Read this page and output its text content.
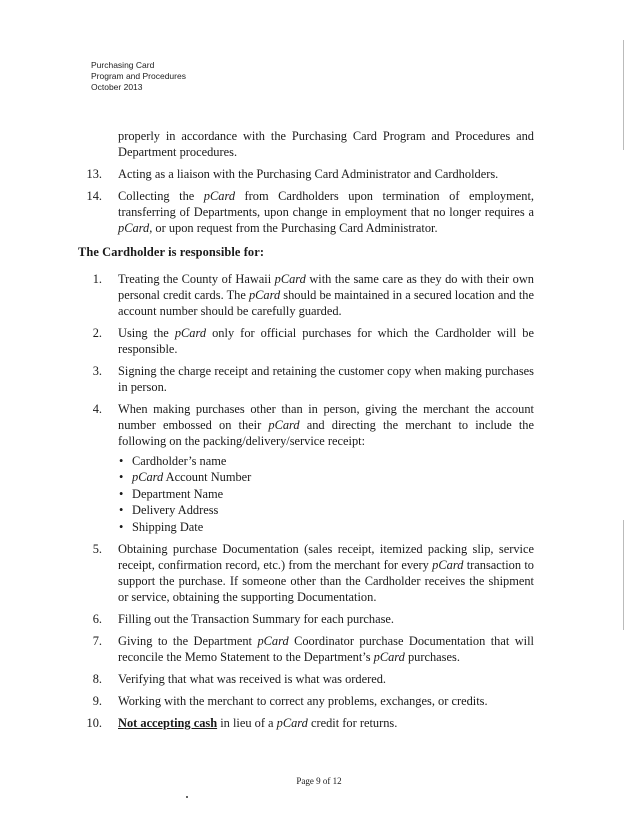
Purchasing Card
Program and Procedures
October 2013
properly in accordance with the Purchasing Card Program and Procedures and Department procedures.
13. Acting as a liaison with the Purchasing Card Administrator and Cardholders.
14. Collecting the pCard from Cardholders upon termination of employment, transferring of Departments, upon change in employment that no longer requires a pCard, or upon request from the Purchasing Card Administrator.
The Cardholder is responsible for:
1. Treating the County of Hawaii pCard with the same care as they do with their own personal credit cards. The pCard should be maintained in a secured location and the account number should be carefully guarded.
2. Using the pCard only for official purchases for which the Cardholder will be responsible.
3. Signing the charge receipt and retaining the customer copy when making purchases in person.
4. When making purchases other than in person, giving the merchant the account number embossed on their pCard and directing the merchant to include the following on the packing/delivery/service receipt:
• Cardholder’s name
• pCard Account Number
• Department Name
• Delivery Address
• Shipping Date
5. Obtaining purchase Documentation (sales receipt, itemized packing slip, service receipt, confirmation record, etc.) from the merchant for every pCard transaction to support the purchase. If someone other than the Cardholder receives the shipment or service, obtaining the supporting Documentation.
6. Filling out the Transaction Summary for each purchase.
7. Giving to the Department pCard Coordinator purchase Documentation that will reconcile the Memo Statement to the Department’s pCard purchases.
8. Verifying that what was received is what was ordered.
9. Working with the merchant to correct any problems, exchanges, or credits.
10. Not accepting cash in lieu of a pCard credit for returns.
Page 9 of 12
